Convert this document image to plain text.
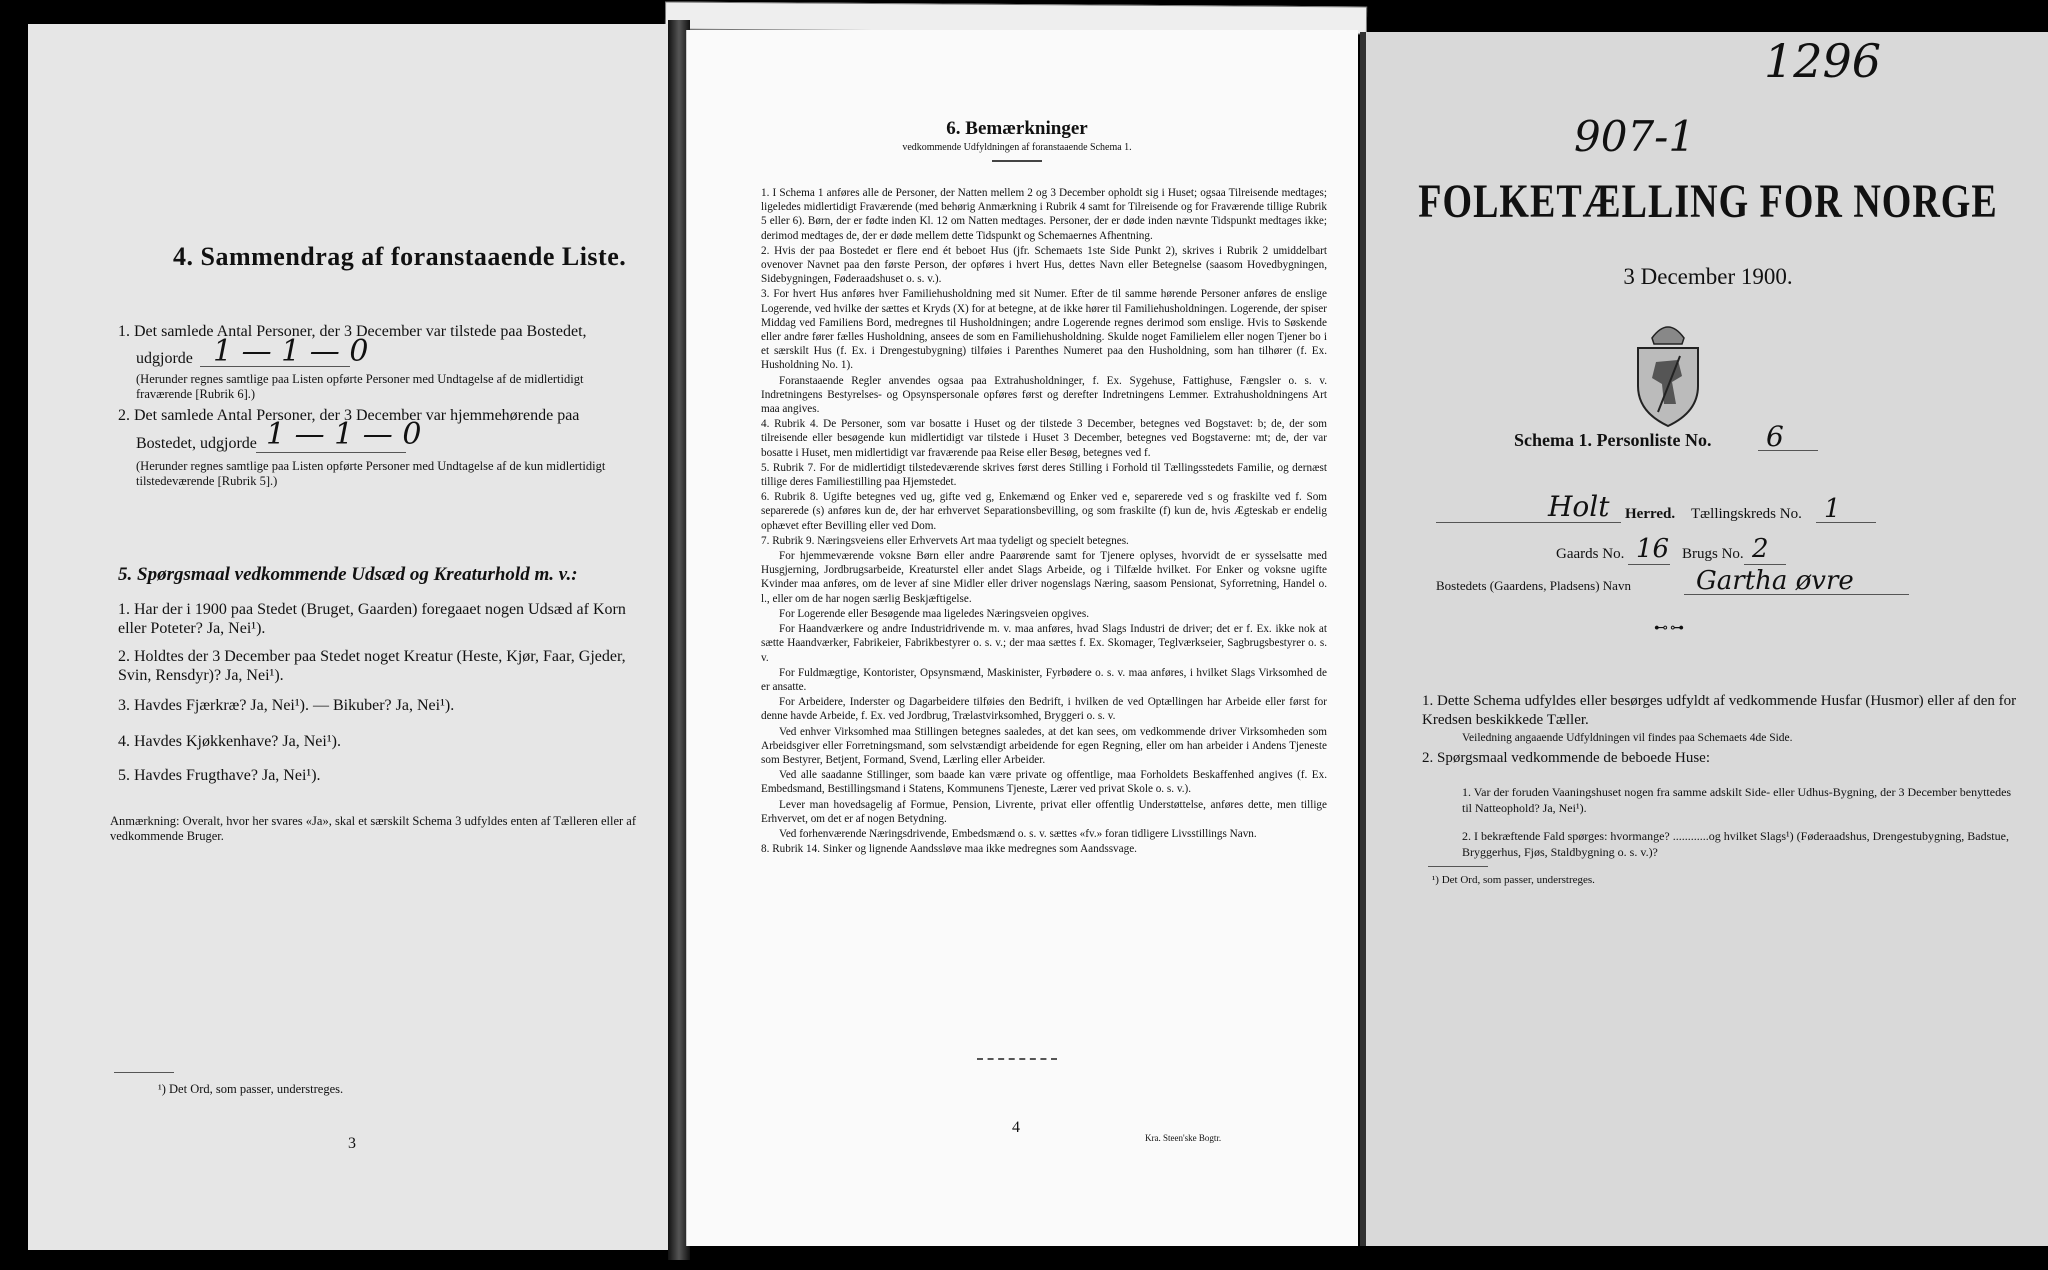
4. Sammendrag af foranstaaende Liste.
1. Det samlede Antal Personer, der 3 December var tilstede paa Bostedet,
udgjorde 1 — 1 — 0
(Herunder regnes samtlige paa Listen opførte Personer med Undtagelse af de midlertidigt fraværende [Rubrik 6].)
2. Det samlede Antal Personer, der 3 December var hjemmehørende paa
Bostedet, udgjorde 1 — 1 — 0
(Herunder regnes samtlige paa Listen opførte Personer med Undtagelse af de kun midlertidigt tilstedeværende [Rubrik 5].)
5. Spørgsmaal vedkommende Udsæd og Kreaturhold m. v.:
1. Har der i 1900 paa Stedet (Bruget, Gaarden) foregaaet nogen Udsæd af Korn eller Poteter? Ja, Nei¹).
2. Holdtes der 3 December paa Stedet noget Kreatur (Heste, Kjør, Faar, Gjeder, Svin, Rensdyr)? Ja, Nei¹).
3. Havdes Fjærkræ? Ja, Nei¹). — Bikuber? Ja, Nei¹).
4. Havdes Kjøkkenhave? Ja, Nei¹).
5. Havdes Frugthave? Ja, Nei¹).
Anmærkning: Overalt, hvor her svares «Ja», skal et særskilt Schema 3 udfyldes enten af Tælleren eller af vedkommende Bruger.
¹) Det Ord, som passer, understreges.
3
6. Bemærkninger
vedkommende Udfyldningen af foranstaaende Schema 1.
1. I Schema 1 anføres alle de Personer, der Natten mellem 2 og 3 December opholdt sig i Huset; ogsaa Tilreisende medtages; ligeledes midlertidigt Fraværende (med behørig Anmærkning i Rubrik 4 samt for Tilreisende og for Fraværende tillige Rubrik 5 eller 6). Børn, der er fødte inden Kl. 12 om Natten medtages. Personer, der er døde inden nævnte Tidspunkt medtages ikke; derimod medtages de, der er døde mellem dette Tidspunkt og Schemaernes Afhentning.
2. Hvis der paa Bostedet er flere end ét beboet Hus (jfr. Schemaets 1ste Side Punkt 2), skrives i Rubrik 2 umiddelbart ovenover Navnet paa den første Person, der opføres i hvert Hus, dettes Navn eller Betegnelse (saasom Hovedbygningen, Sidebygningen, Føderaadshuset o. s. v.).
3. For hvert Hus anføres hver Familiehusholdning med sit Numer. Efter de til samme hørende Personer anføres de enslige Logerende, ved hvilke der sættes et Kryds (X) for at betegne, at de ikke hører til Familiehusholdningen. Logerende, der spiser Middag ved Familiens Bord, medregnes til Husholdningen; andre Logerende regnes derimod som enslige. Hvis to Søskende eller andre fører fælles Husholdning, ansees de som en Familiehusholdning. Skulde noget Familielem eller nogen Tjener bo i et særskilt Hus (f. Ex. i Drengestubygning) tilføies i Parenthes Numeret paa den Husholdning, som han tilhører (f. Ex. Husholdning No. 1).
Foranstaaende Regler anvendes ogsaa paa Extrahusholdninger, f. Ex. Sygehuse, Fattighuse, Fængsler o. s. v. Indretningens Bestyrelses- og Opsynspersonale opføres først og derefter Indretningens Lemmer. Extrahusholdningens Art maa angives.
4. Rubrik 4. De Personer, som var bosatte i Huset og der tilstede 3 December, betegnes ved Bogstavet: b; de, der som tilreisende eller besøgende kun midlertidigt var tilstede i Huset 3 December, betegnes ved Bogstaverne: mt; de, der var bosatte i Huset, men midlertidigt var fraværende paa Reise eller Besøg, betegnes ved f.
5. Rubrik 7. For de midlertidigt tilstedeværende skrives først deres Stilling i Forhold til Tællingsstedets Familie, og dernæst tillige deres Familiestilling paa Hjemstedet.
6. Rubrik 8. Ugifte betegnes ved ug, gifte ved g, Enkemænd og Enker ved e, separerede ved s og fraskilte ved f. Som separerede (s) anføres kun de, der har erhvervet Separationsbevilling, og som fraskilte (f) kun de, hvis Ægteskab er endelig ophævet efter Bevilling eller ved Dom.
7. Rubrik 9. Næringsveiens eller Erhvervets Art maa tydeligt og specielt betegnes.
For hjemmeværende voksne Børn eller andre Paarørende samt for Tjenere oplyses, hvorvidt de er sysselsatte med Husgjerning, Jordbrugsarbeide, Kreaturstel eller andet Slags Arbeide, og i Tilfælde hvilket. For Enker og voksne ugifte Kvinder maa anføres, om de lever af sine Midler eller driver nogenslags Næring, saasom Pensionat, Syforretning, Handel o. l., eller om de har nogen særlig Beskjæftigelse.
For Logerende eller Besøgende maa ligeledes Næringsveien opgives.
For Haandværkere og andre Industridrivende m. v. maa anføres, hvad Slags Industri de driver; det er f. Ex. ikke nok at sætte Haandværker, Fabrikeier, Fabrikbestyrer o. s. v.; der maa sættes f. Ex. Skomager, Teglværkseier, Sagbrugsbestyrer o. s. v.
For Fuldmægtige, Kontorister, Opsynsmænd, Maskinister, Fyrbødere o. s. v. maa anføres, i hvilket Slags Virksomhed de er ansatte.
For Arbeidere, Inderster og Dagarbeidere tilføies den Bedrift, i hvilken de ved Optællingen har Arbeide eller først for denne havde Arbeide, f. Ex. ved Jordbrug, Trælastvirksomhed, Bryggeri o. s. v.
Ved enhver Virksomhed maa Stillingen betegnes saaledes, at det kan sees, om vedkommende driver Virksomheden som Arbeidsgiver eller Forretningsmand, som selvstændigt arbeidende for egen Regning, eller om han arbeider i Andens Tjeneste som Bestyrer, Betjent, Formand, Svend, Lærling eller Arbeider.
Ved alle saadanne Stillinger, som baade kan være private og offentlige, maa Forholdets Beskaffenhed angives (f. Ex. Embedsmand, Bestillingsmand i Statens, Kommunens Tjeneste, Lærer ved privat Skole o. s. v.).
Lever man hovedsagelig af Formue, Pension, Livrente, privat eller offentlig Understøttelse, anføres dette, men tillige Erhvervet, om det er af nogen Betydning.
Ved forhenværende Næringsdrivende, Embedsmænd o. s. v. sættes «fv.» foran tidligere Livsstillings Navn.
8. Rubrik 14. Sinker og lignende Aandssløve maa ikke medregnes som Aandssvage.
4
Kra. Steen'ske Bogtr.
1296
907-1
FOLKETÆLLING FOR NORGE
3 December 1900.
Schema 1. Personliste No. 6
Holt Herred. Tællingskreds No. 1
Gaards No. 16 Brugs No. 2
Bostedets (Gaardens, Pladsens) Navn	Gartha øvre
⊷⊶
1. Dette Schema udfyldes eller besørges udfyldt af vedkommende Husfar (Husmor) eller af den for Kredsen beskikkede Tæller.
Veiledning angaaende Udfyldningen vil findes paa Schemaets 4de Side.
2. Spørgsmaal vedkommende de beboede Huse:
1. Var der foruden Vaaningshuset nogen fra samme adskilt Side- eller Udhus-Bygning, der 3 December benyttedes til Natteophold? Ja, Nei¹).
2. I bekræftende Fald spørges: hvormange? ............og hvilket Slags¹) (Føderaadshus, Drengestubygning, Badstue, Bryggerhus, Fjøs, Staldbygning o. s. v.)?
¹) Det Ord, som passer, understreges.
